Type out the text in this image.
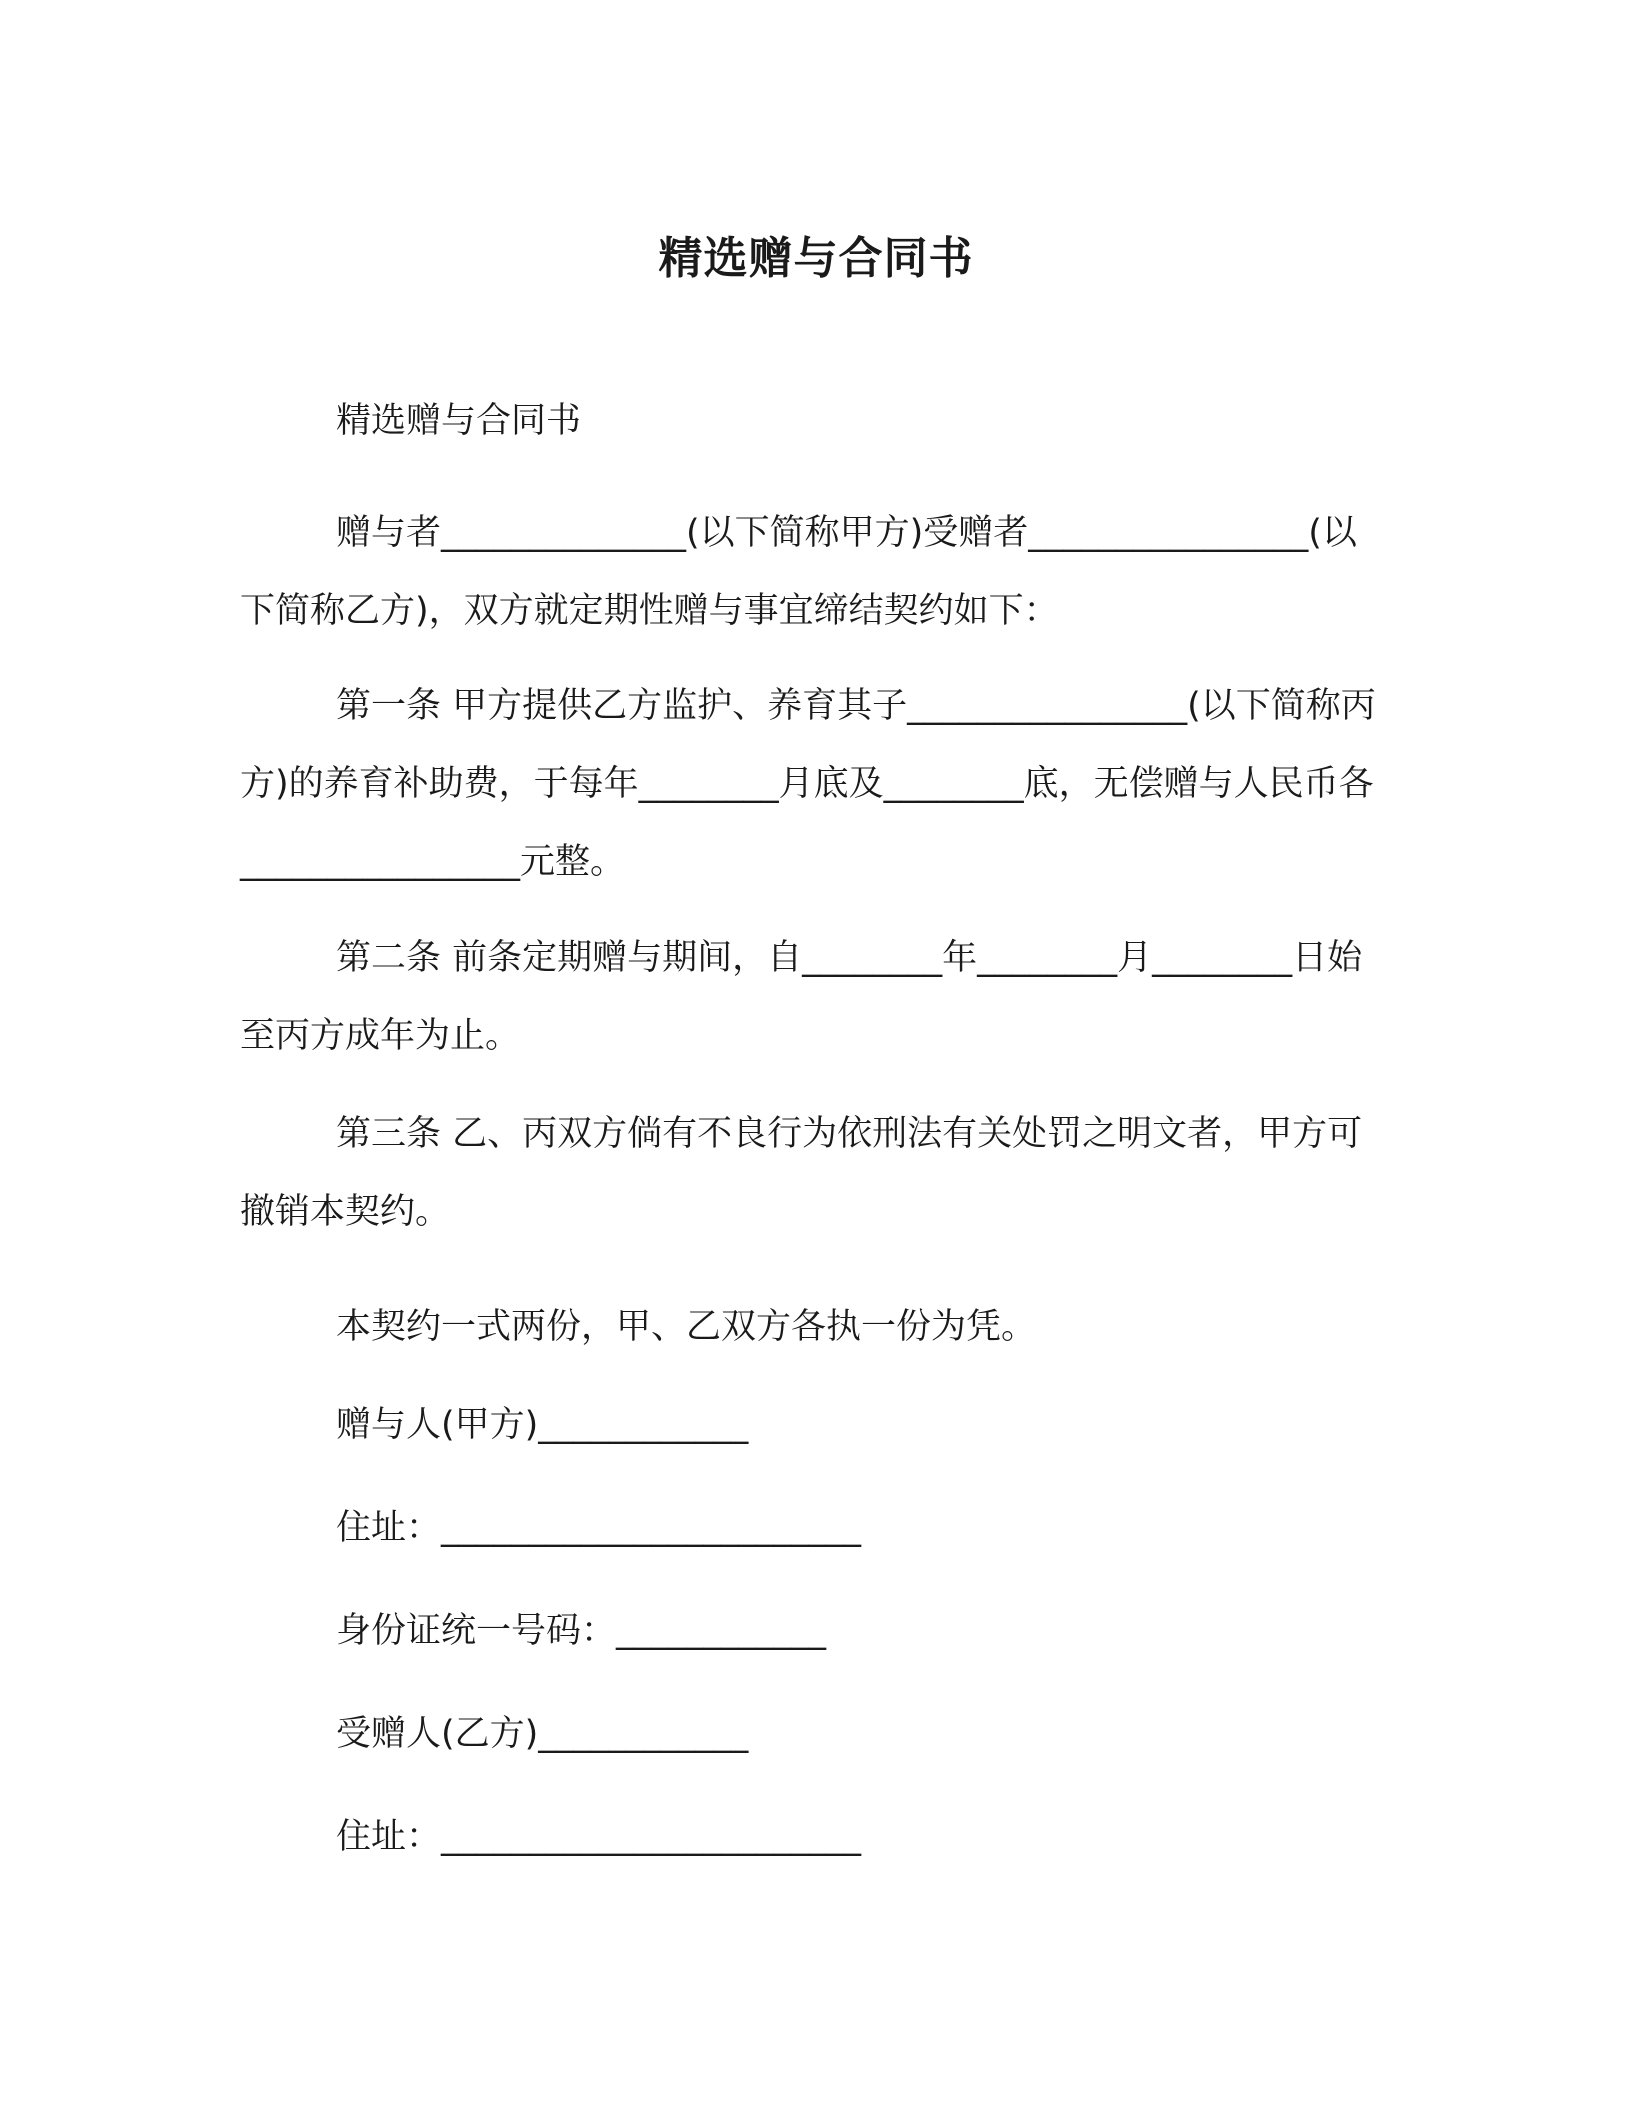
精选赠与合同书
精选赠与合同书
赠与者______________(以下简称甲方)受赠者________________(以下简称乙方)，双方就定期性赠与事宜缔结契约如下：
第一条 甲方提供乙方监护、养育其子________________(以下简称丙方)的养育补助费，于每年________月底及________底，无偿赠与人民币各________________元整。
第二条 前条定期赠与期间，自________年________月________日始至丙方成年为止。
第三条 乙、丙双方倘有不良行为依刑法有关处罚之明文者，甲方可撤销本契约。
本契约一式两份，甲、乙双方各执一份为凭。
赠与人(甲方)____________
住址：________________________
身份证统一号码：____________
受赠人(乙方)____________
住址：________________________
